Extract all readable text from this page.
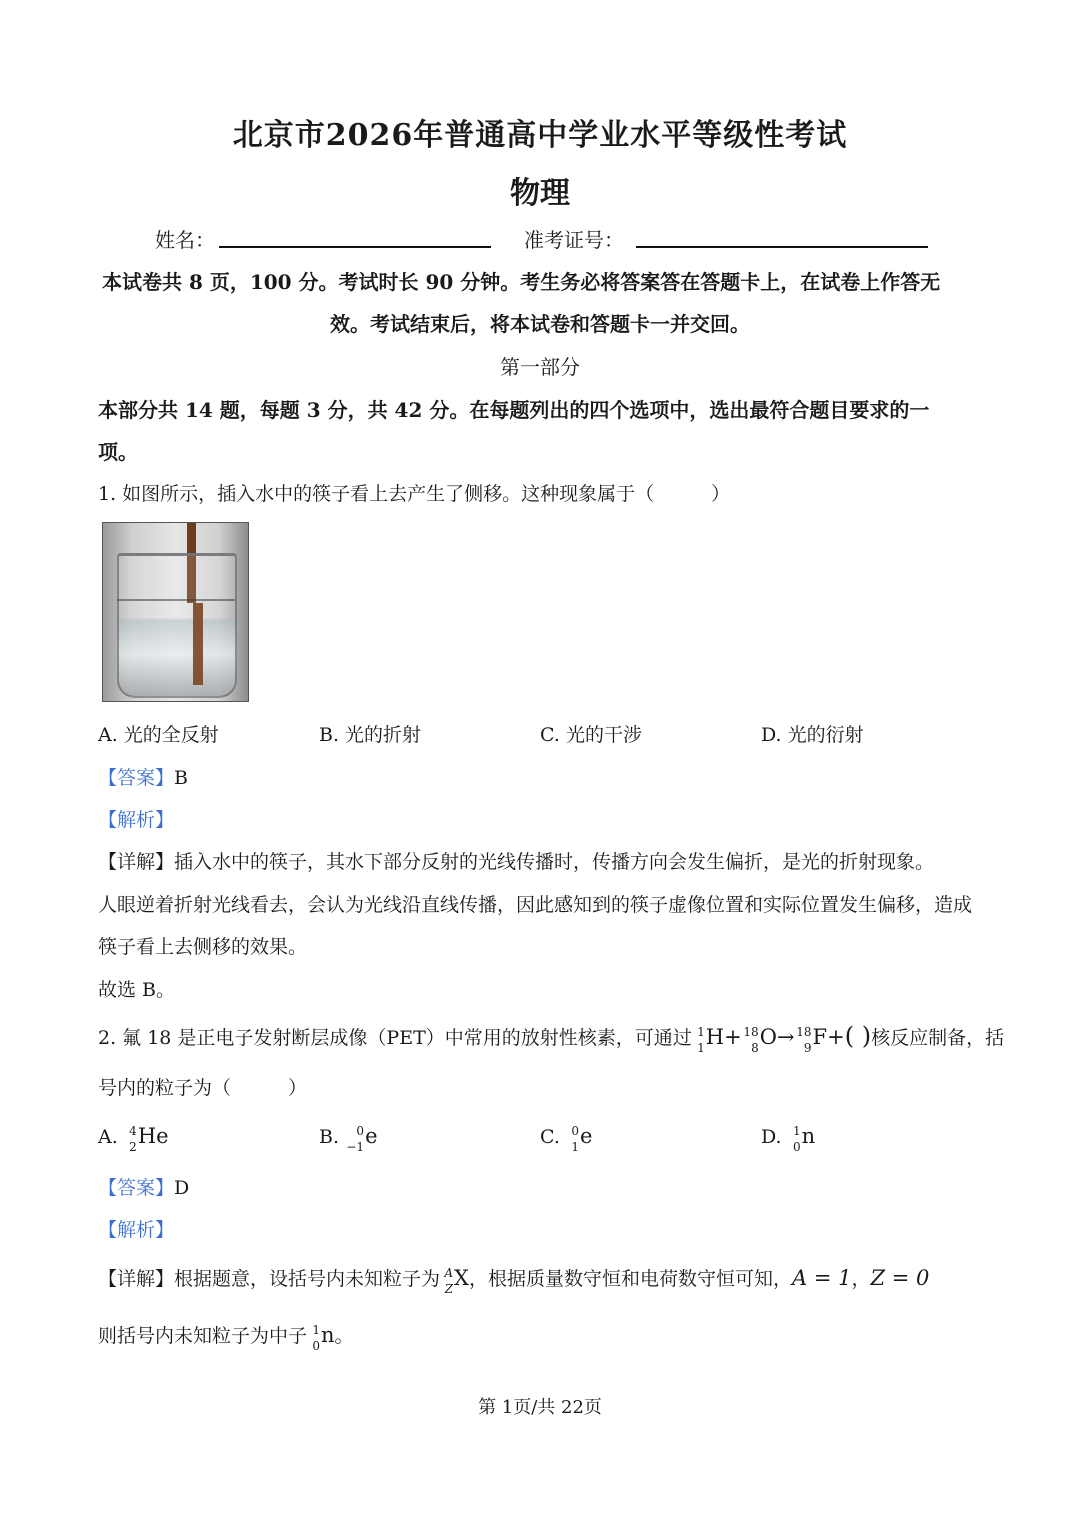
北京市2026年普通高中学业水平等级性考试
物理
姓名：	准考证号：
本试卷共 8 页，100 分。考试时长 90 分钟。考生务必将答案答在答题卡上，在试卷上作答无
效。考试结束后，将本试卷和答题卡一并交回。
第一部分
本部分共 14 题，每题 3 分，共 42 分。在每题列出的四个选项中，选出最符合题目要求的一
项。
1. 如图所示，插入水中的筷子看上去产生了侧移。这种现象属于（　　　）
A. 光的全反射	B. 光的折射	C. 光的干涉	D. 光的衍射
【答案】B
【解析】
【详解】插入水中的筷子，其水下部分反射的光线传播时，传播方向会发生偏折，是光的折射现象。
人眼逆着折射光线看去，会认为光线沿直线传播，因此感知到的筷子虚像位置和实际位置发生偏移，造成
筷子看上去侧移的效果。
故选 B。
2. 氟 18 是正电子发射断层成像（PET）中常用的放射性核素，可通过 1
1 H+ 18
8 O→ 18
9 F+( )核反应制备，括
号内的粒子为（　　　）
A. 4
2 He	B. 0
−1 e	C. 0
1 e	D. 1
0 n
【答案】D
【解析】
【详解】根据题意，设括号内未知粒子为 A
Z X，根据质量数守恒和电荷数守恒可知，A = 1，Z = 0
则括号内未知粒子为中子 1
0 n。
第 1页/共 22页
